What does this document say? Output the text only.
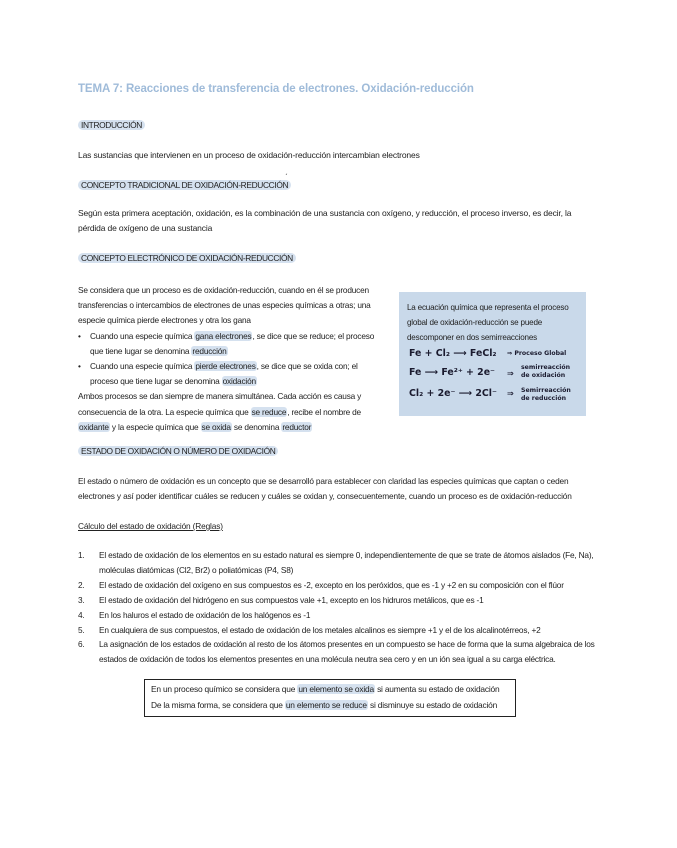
TEMA 7: Reacciones de transferencia de electrones. Oxidación-reducción
INTRODUCCIÓN
Las sustancias que intervienen en un proceso de oxidación-reducción intercambian electrones
CONCEPTO TRADICIONAL DE OXIDACIÓN-REDUCCIÓN
ˊ
Según esta primera aceptación, oxidación, es la combinación de una sustancia con oxígeno, y reducción, el proceso inverso, es decir, la
pérdida de oxígeno de una sustancia
CONCEPTO ELECTRÓNICO DE OXIDACIÓN-REDUCCIÓN
Se considera que un proceso es de oxidación-reducción, cuando en él se producen transferencias o intercambios de electrones de unas especies químicas a otras; una especie química pierde electrones y otra los gana
•	Cuando una especie química gana electrones, se dice que se reduce; el proceso que tiene lugar se denomina reducción
•	Cuando una especie química pierde electrones, se dice que se oxida con; el proceso que tiene lugar se denomina oxidación
Ambos procesos se dan siempre de manera simultánea. Cada acción es causa y consecuencia de la otra. La especie química que se reduce, recibe el nombre de oxidante y la especie química que se oxida se denomina reductor
La ecuación química que representa el proceso global de oxidación-reducción se puede descomponer en dos semirreacciones
Fe + Cl₂ ⟶ FeCl₂ ⇒ Proceso Global
Fe ⟶ Fe²⁺ + 2e⁻ ⇒
semirreacción
de oxidación
Cl₂ + 2e⁻ ⟶ 2Cl⁻ ⇒ Semirreacción
de reducción
ESTADO DE OXIDACIÓN O NÚMERO DE OXIDACIÓN
El estado o número de oxidación es un concepto que se desarrolló para establecer con claridad las especies químicas que captan o ceden
electrones y así poder identificar cuáles se reducen y cuáles se oxidan y, consecuentemente, cuando un proceso es de oxidación-reducción
Cálculo del estado de oxidación (Reglas)
1.	El estado de oxidación de los elementos en su estado natural es siempre 0, independientemente de que se trate de átomos aislados (Fe, Na), moléculas diatómicas (Cl2, Br2) o poliatómicas (P4, S8)
2.	El estado de oxidación del oxígeno en sus compuestos es -2, excepto en los peróxidos, que es -1 y +2 en su composición con el flúor
3.	El estado de oxidación del hidrógeno en sus compuestos vale +1, excepto en los hidruros metálicos, que es -1
4.	En los haluros el estado de oxidación de los halógenos es -1
5.	En cualquiera de sus compuestos, el estado de oxidación de los metales alcalinos es siempre +1 y el de los alcalinotérreos, +2
6.	La asignación de los estados de oxidación al resto de los átomos presentes en un compuesto se hace de forma que la suma algebraica de los estados de oxidación de todos los elementos presentes en una molécula neutra sea cero y en un ión sea igual a su carga eléctrica.
En un proceso químico se considera que un elemento se oxida si aumenta su estado de oxidación
De la misma forma, se considera que un elemento se reduce si disminuye su estado de oxidación
